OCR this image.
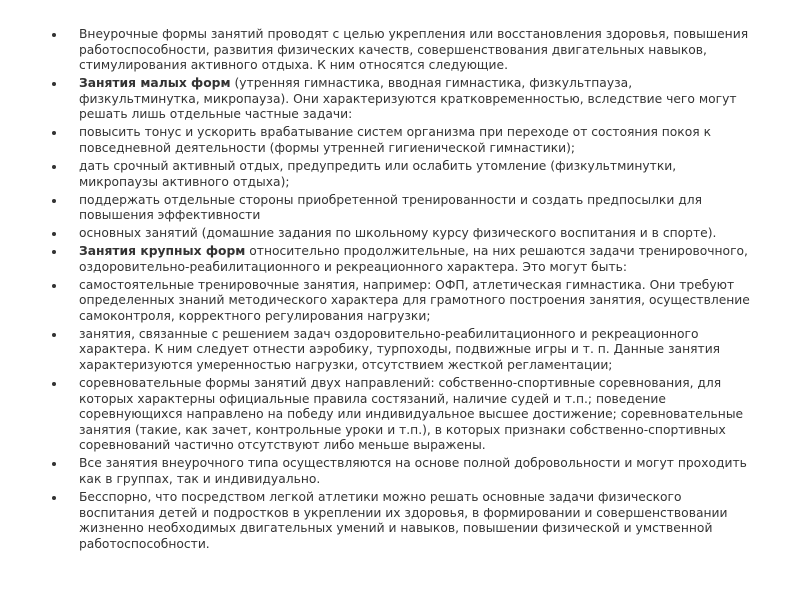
Внеурочные формы занятий проводят с целью укрепления или восстановления здоровья, повышения работоспособности, развития физических качеств, совершенствования двигательных навыков, стимулирования активного отдыха. К ним относятся следующие.
Занятия малых форм (утренняя гимнастика, вводная гимнастика, физкультпауза, физкультминутка, микропауза). Они характеризуются кратковременностью, вследствие чего могут решать лишь отдельные частные задачи:
повысить тонус и ускорить врабатывание систем организма при переходе от состояния покоя к повседневной деятельности (формы утренней гигиенической гимнастики);
дать срочный активный отдых, предупредить или ослабить утомление (физкультминутки, микропаузы активного отдыха);
поддержать отдельные стороны приобретенной тренированности и создать предпосылки для повышения эффективности
основных занятий (домашние задания по школьному курсу физического воспитания и в спорте).
Занятия крупных форм относительно продолжительные, на них решаются задачи тренировочного, оздоровительно-реабилитационного и рекреационного характера. Это могут быть:
самостоятельные тренировочные занятия, например: ОФП, атлетическая гимнастика. Они требуют определенных знаний методического характера для грамотного построения занятия, осуществление самоконтроля, корректного регулирования нагрузки;
занятия, связанные с решением задач оздоровительно-реабилитационного и рекреационного характера. К ним следует отнести аэробику, турпоходы, подвижные игры и т. п. Данные занятия характеризуются умеренностью нагрузки, отсутствием жесткой регламентации;
соревновательные формы занятий двух направлений: собственно-спортивные соревнования, для которых характерны официальные правила состязаний, наличие судей и т.п.; поведение соревнующихся направлено на победу или индивидуальное высшее достижение; соревновательные занятия (такие, как зачет, контрольные уроки и т.п.), в которых признаки собственно-спортивных соревнований частично отсутствуют либо меньше выражены.
Все занятия внеурочного типа осуществляются на основе полной добровольности и могут проходить как в группах, так и индивидуально.
Бесспорно, что посредством легкой атлетики можно решать основные задачи физического воспитания детей и подростков в укреплении их здоровья, в формировании и совершенствовании жизненно необходимых двигательных умений и навыков, повышении физической и умственной работоспособности.
